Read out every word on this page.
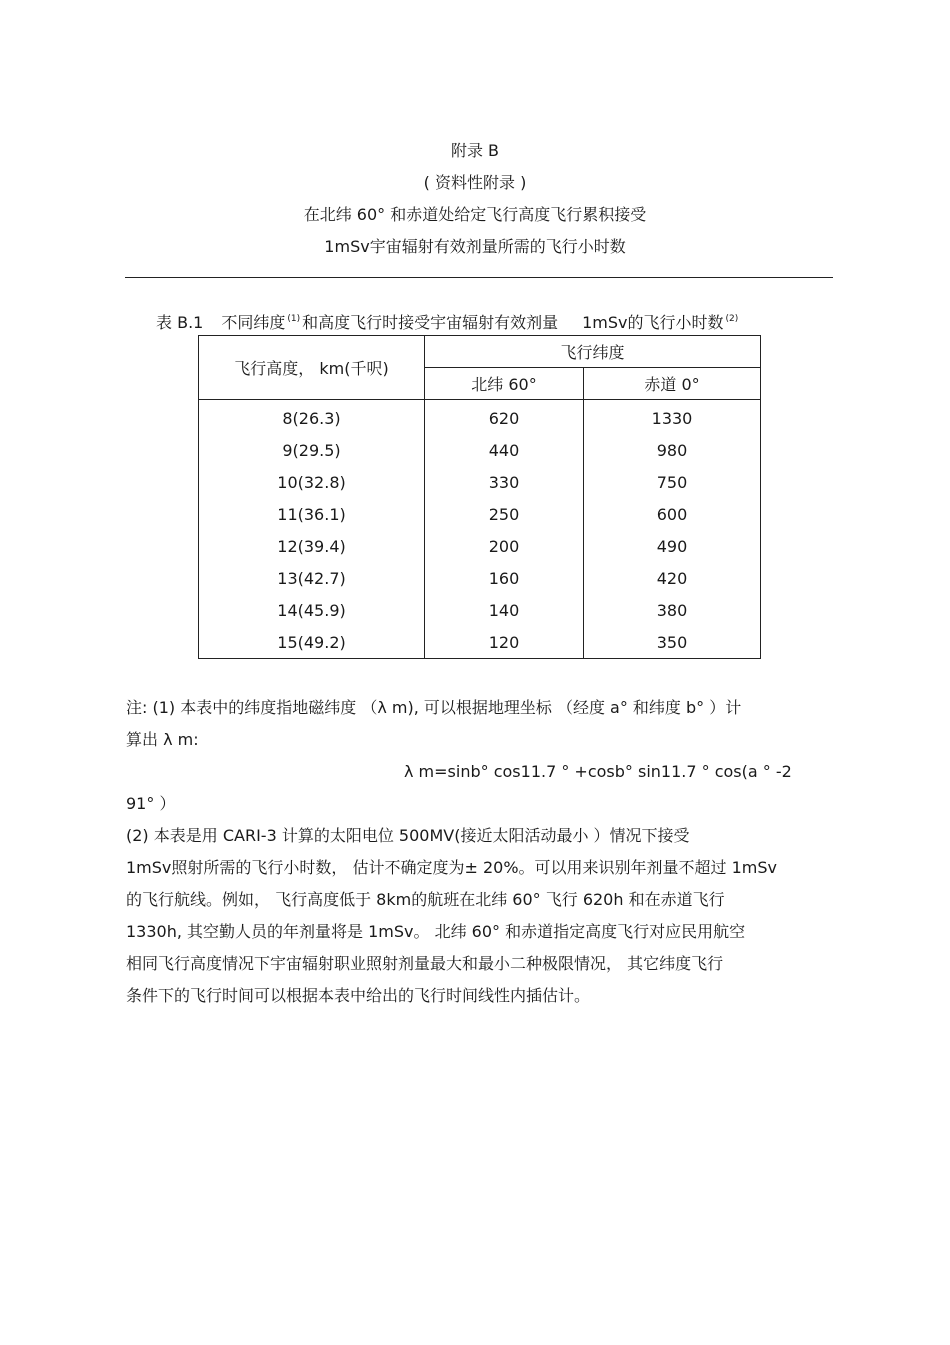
附录 B
( 资料性附录 )
在北纬 60° 和赤道处给定飞行高度飞行累积接受
1mSv宇宙辐射有效剂量所需的飞行小时数
表 B.1 不同纬度 $^{(1)}$ 和高度飞行时接受宇宙辐射有效剂量 1mSv的飞行小时数 $^{(2)}$
飞行高度， km(千呎)	飞行纬度	
	北纬 60°	赤道 0°
8(26.3)	620	1330
9(29.5)	440	980
10(32.8)	330	750
11(36.1)	250	600
12(39.4)	200	490
13(42.7)	160	420
14(45.9)	140	380
15(49.2)	120	350
注: (1) 本表中的纬度指地磁纬度 （λ m), 可以根据地理坐标 （经度 a° 和纬度 b° ）计
算出 λ m:
λ m=sinb° cos11.7 ° +cosb° sin11.7 ° cos(a ° -2
91° ）
(2) 本表是用 CARI-3 计算的太阳电位 500MV(接近太阳活动最小 ）情况下接受
1mSv照射所需的飞行小时数， 估计不确定度为± 20%。可以用来识别年剂量不超过 1mSv
的飞行航线。例如， 飞行高度低于 8km的航班在北纬 60° 飞行 620h 和在赤道飞行
1330h, 其空勤人员的年剂量将是 1mSv。 北纬 60° 和赤道指定高度飞行对应民用航空
相同飞行高度情况下宇宙辐射职业照射剂量最大和最小二种极限情况， 其它纬度飞行
条件下的飞行时间可以根据本表中给出的飞行时间线性内插估计。
